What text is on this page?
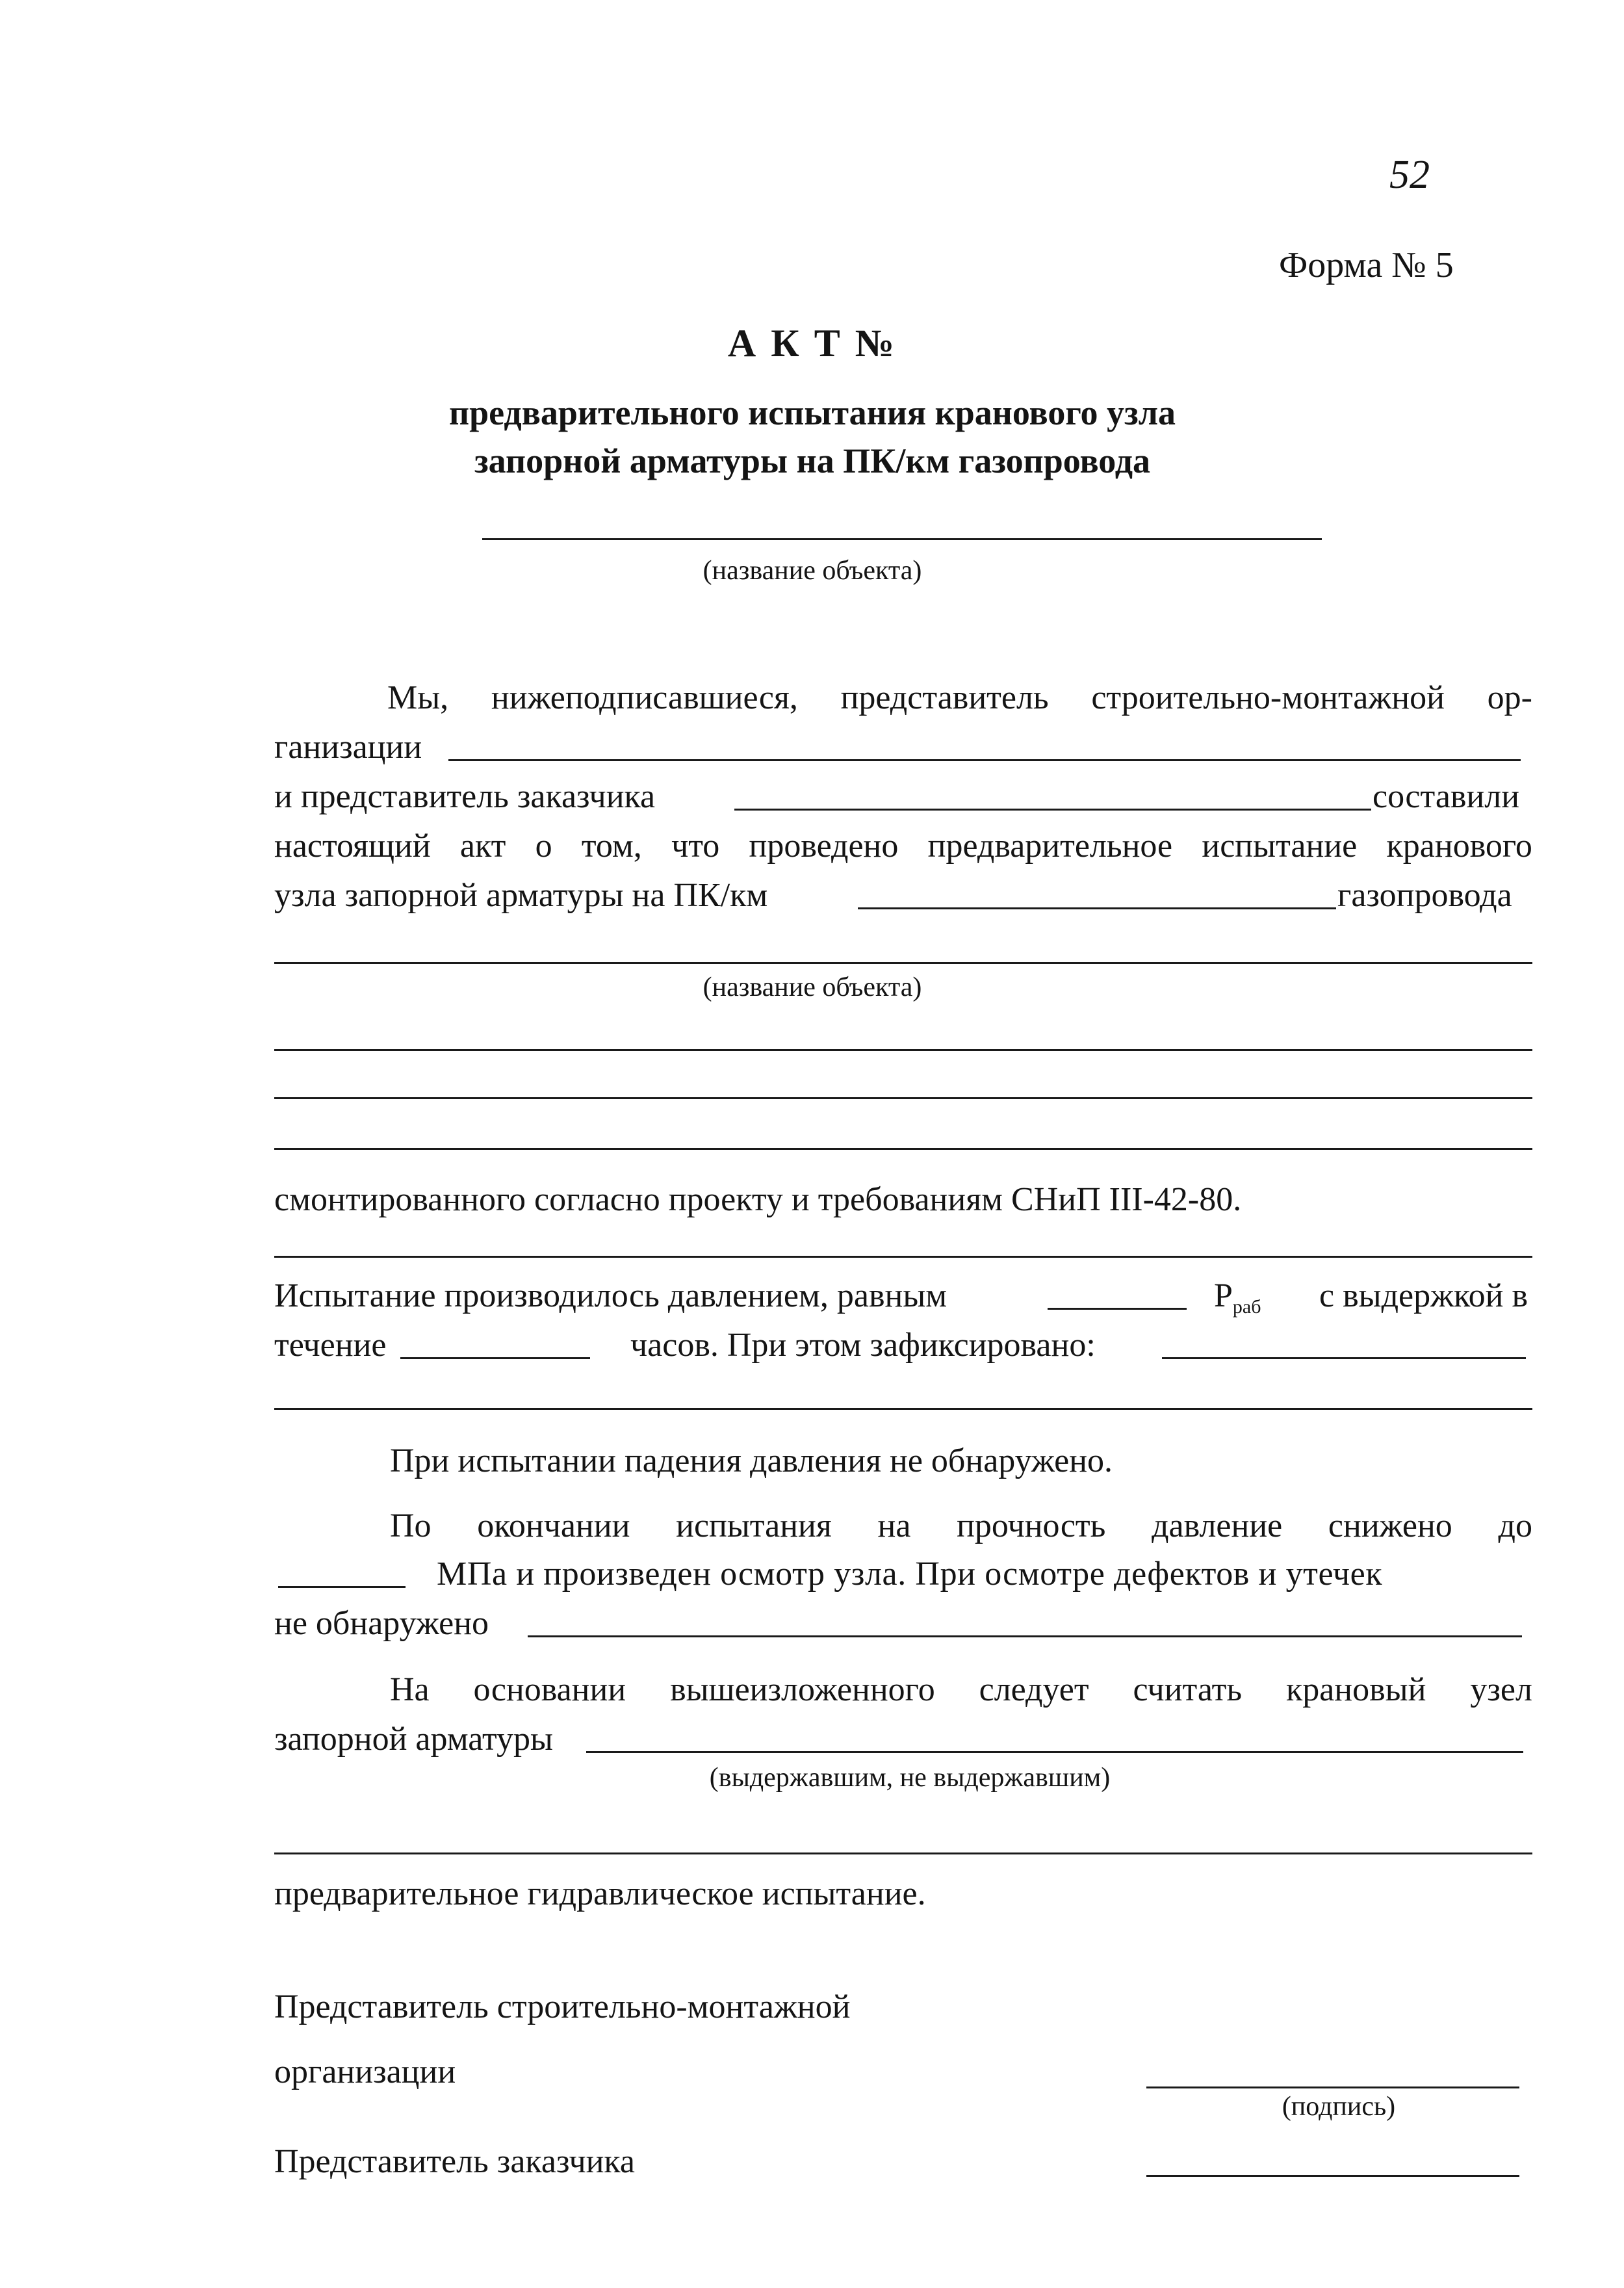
52
Форма № 5
А К Т №
предварительного испытания кранового узла
запорной арматуры на ПК/км газопровода
(название объекта)
Мы, нижеподписавшиеся, представитель строительно-монтажной ор-
ганизации
и представитель заказчика	составили
настоящий акт о том, что проведено предварительное испытание кранового
узла запорной арматуры на ПК/км	газопровода
(название объекта)
смонтированного согласно проекту и требованиям СНиП III-42-80.
Испытание производилось давлением, равным	$P_{раб}$ с выдержкой в
течение	часов. При этом зафиксировано:
При испытании падения давления не обнаружено.
По окончании испытания на прочность давление снижено до
МПа и произведен осмотр узла. При осмотре дефектов и утечек
не обнаружено
На основании вышеизложенного следует считать крановый узел
запорной арматуры
(выдержавшим, не выдержавшим)
предварительное гидравлическое испытание.
Представитель строительно-монтажной
организации
(подпись)
Представитель заказчика
